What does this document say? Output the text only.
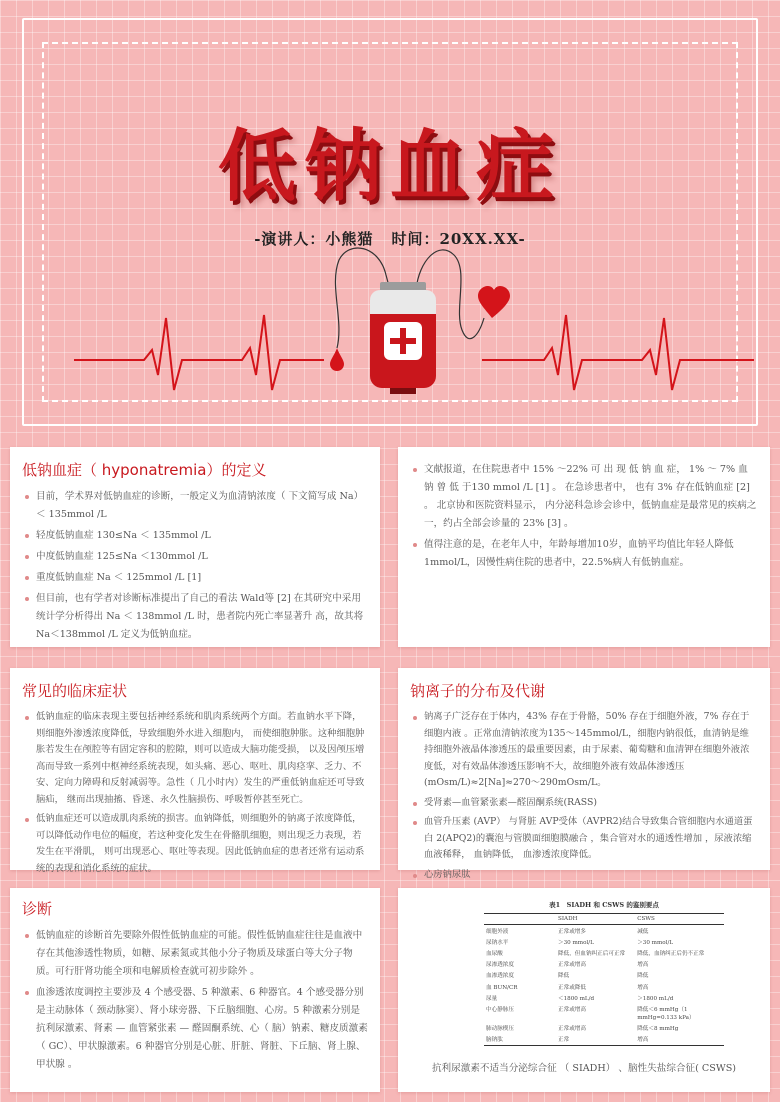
低钠血症
-演讲人：小熊猫 时间：20XX.XX-
低钠血症（ hyponatremia）的定义
目前，学术界对低钠血症的诊断，一般定义为血清钠浓度（ 下文简写成 Na）＜ 135mmol /L
轻度低钠血症 130≤Na ＜ 135mmol /L
中度低钠血症 125≤Na ＜130mmol /L
重度低钠血症 Na ＜ 125mmol /L [1]
但目前，也有学者对诊断标准提出了自己的看法 Wald等 [2] 在其研究中采用统计学分析得出 Na ＜ 138mmol /L 时，患者院内死亡率显著升 高，故其将Na＜138mmol /L 定义为低钠血症。
文献报道，在住院患者中 15% ～22% 可 出 现 低 钠 血 症， 1% ～ 7% 血 钠 曾 低 于130 mmol /L [1] 。 在急诊患者中， 也有 3% 存在低钠血症 [2] 。 北京协和医院资料显示， 内分泌科急诊会诊中，低钠血症是最常见的疾病之一，约占全部会诊量的 23% [3] 。
值得注意的是，在老年人中，年龄每增加10岁，血钠平均值比年轻人降低1mmol/L，因慢性病住院的患者中，22.5%病人有低钠血症。
常见的临床症状
低钠血症的临床表现主要包括神经系统和肌肉系统两个方面。若血钠水平下降，则细胞外渗透浓度降低，导致细胞外水进入细胞内， 而使细胞肿胀。这种细胞肿胀若发生在颅腔等有固定容积的腔隙，则可以造成大脑功能受损， 以及因颅压增高而导致一系列中枢神经系统表现，如头痛、恶心、呕吐、肌肉痉挛、乏力、不安、定向力障碍和反射减弱等。急性（ 几小时内）发生的严重低钠血症还可导致脑疝， 继而出现抽搐、昏迷、永久性脑损伤、呼吸暂停甚至死亡。
低钠血症还可以造成肌肉系统的损害。血钠降低，则细胞外的钠离子浓度降低，可以降低动作电位的幅度，若这种变化发生在骨骼肌细胞，则出现乏力表现，若发生在平滑肌， 则可出现恶心、呕吐等表现。因此低钠血症的患者还常有运动系统的表现和消化系统的症状。
钠离子的分布及代谢
钠离子广泛存在于体内，43% 存在于骨骼，50% 存在于细胞外液，7% 存在于细胞内液 。正常血清钠浓度为135～145mmol/L，细胞内钠很低，血清钠是维持细胞外液晶体渗透压的最重要因素，由于尿素、葡萄糖和血清钾在细胞外液浓度低，对有效晶体渗透压影响不大，故细胞外液有效晶体渗透压(mOsm/L)≈2[Na]≈270～290mOsm/L。
受肾素—血管紧张素—醛固酮系统(RASS)
血管升压素 (AVP） 与肾脏 AVP受体（AVPR2)结合导致集合管细胞内水通道蛋白 2(APQ2)的囊泡与管膜面细胞膜融合 ，集合管对水的通透性增加 ，尿液浓缩血液稀释， 血钠降低， 血渗透浓度降低。
心房钠尿肽
诊断
低钠血症的诊断首先要除外假性低钠血症的可能。假性低钠血症往往是血液中存在其他渗透性物质，如糖、尿素氮或其他小分子物质及球蛋白等大分子物质。可行肝肾功能全项和电解质检查就可初步除外 。
血渗透浓度调控主要涉及 4 个感受器、5 种激素、6 种器官。4 个感受器分别是主动脉体（ 颈动脉窦）、肾小球旁器、下丘脑细胞、心房。5 种激素分别是抗利尿激素、肾素 — 血管紧张素 — 醛固酮系统、心（ 脑）钠素、糖皮质激素（ GC）、甲状腺激素。6 种器官分别是心脏、肝脏、肾脏、下丘脑、肾上腺、甲状腺 。
表1　SIADH 和 CSWS 的鉴别要点
	SIADH	CSWS
细胞外液	正常或增多	减低
尿钠水平	＞30 mmol/L	＞30 mmol/L
血尿酸	降低，但血钠纠正后可正常	降低，血钠纠正后仍不正常
尿渗透浓度	正常或增高	增高
血渗透浓度	降低	降低
血 BUN/CR	正常或降低	增高
尿量	＜1800 mL/d	＞1800 mL/d
中心静脉压	正常或增高	降低＜6 mmHg（1 mmHg=0.133 kPa）
肺动脉楔压	正常或增高	降低＜8 mmHg
脑钠肽	正常	增高
抗利尿激素不适当分泌综合征 （ SIADH） 、脑性失盐综合征( CSWS)
